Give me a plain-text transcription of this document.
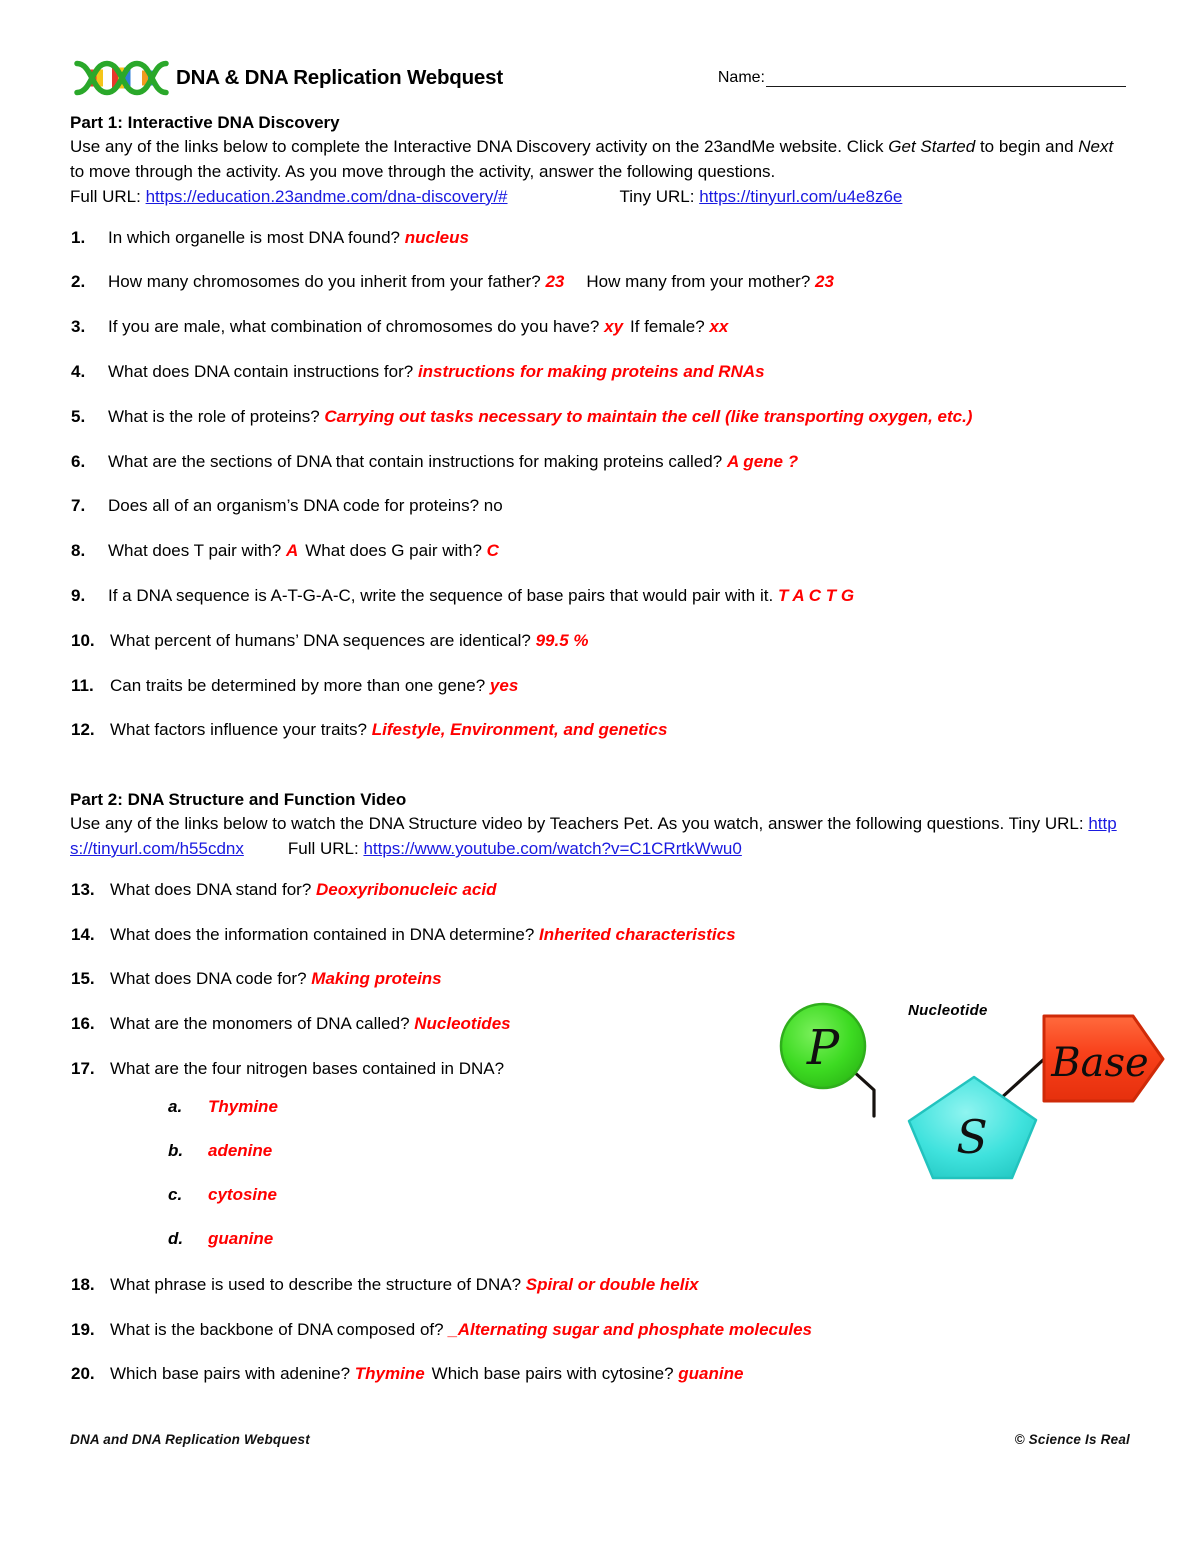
DNA & DNA Replication Webquest	Name:
Part 1: Interactive DNA Discovery
Use any of the links below to complete the Interactive DNA Discovery activity on the 23andMe website. Click Get Started to begin and Next to move through the activity. As you move through the activity, answer the following questions.
Full URL: https://education.23andme.com/dna-discovery/#	Tiny URL: https://tinyurl.com/u4e8z6e
1.	In which organelle is most DNA found? nucleus
2.	How many chromosomes do you inherit from your father? 23 How many from your mother? 23
3.	If you are male, what combination of chromosomes do you have? xy If female? xx
4.	What does DNA contain instructions for? instructions for making proteins and RNAs
5.	What is the role of proteins? Carrying out tasks necessary to maintain the cell (like transporting oxygen, etc.)
6.	What are the sections of DNA that contain instructions for making proteins called? A gene ?
7.	Does all of an organism’s DNA code for proteins? no
8.	What does T pair with? A What does G pair with? C
9.	If a DNA sequence is A-T-G-A-C, write the sequence of base pairs that would pair with it. T A C T G
10. What percent of humans’ DNA sequences are identical? 99.5 %
11. Can traits be determined by more than one gene? yes
12. What factors influence your traits? Lifestyle, Environment, and genetics
Part 2: DNA Structure and Function Video
Use any of the links below to watch the DNA Structure video by Teachers Pet. As you watch, answer the following questions. Tiny URL: https://tinyurl.com/h55cdnx	Full URL: https://www.youtube.com/watch?v=C1CRrtkWwu0
13. What does DNA stand for? Deoxyribonucleic acid
14. What does the information contained in DNA determine? Inherited characteristics
15. What does DNA code for? Making proteins
16. What are the monomers of DNA called? Nucleotides
17. What are the four nitrogen bases contained in DNA?
a.	Thymine
b.	adenine
c.	cytosine
d.	guanine
18. What phrase is used to describe the structure of DNA? Spiral or double helix
19. What is the backbone of DNA composed of? _Alternating sugar and phosphate molecules
20. Which base pairs with adenine? Thymine Which base pairs with cytosine? guanine
Nucleotide
P
S
Base
DNA and DNA Replication Webquest	© Science Is Real
